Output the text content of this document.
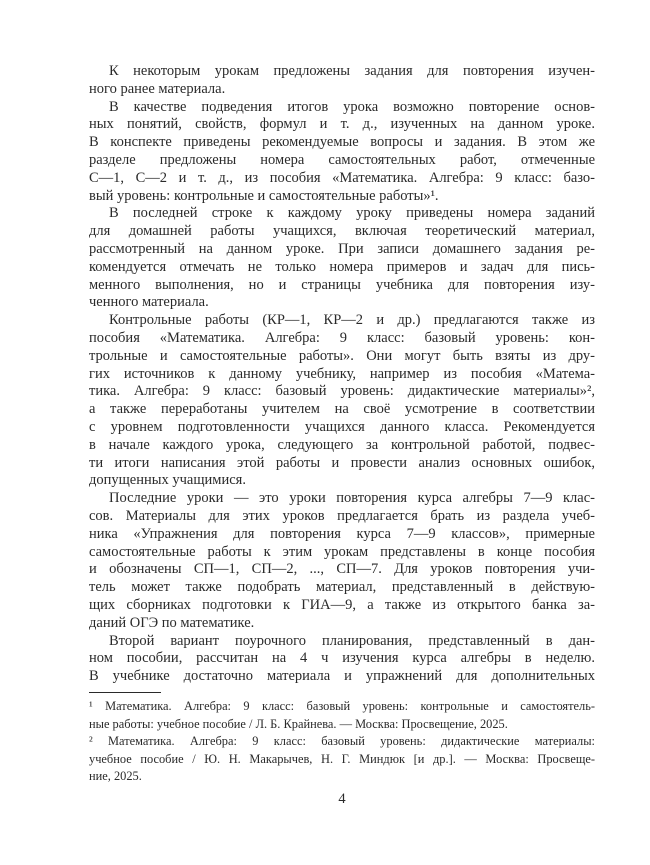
К некоторым урокам предложены задания для повторения изучен-
ного ранее материала.
В качестве подведения итогов урока возможно повторение основ-
ных понятий, свойств, формул и т. д., изученных на данном уроке.
В конспекте приведены рекомендуемые вопросы и задания. В этом же
разделе предложены номера самостоятельных работ, отмеченные
С—1, С—2 и т. д., из пособия «Математика. Алгебра: 9 класс: базо-
вый уровень: контрольные и самостоятельные работы»¹.
В последней строке к каждому уроку приведены номера заданий
для домашней работы учащихся, включая теоретический материал,
рассмотренный на данном уроке. При записи домашнего задания ре-
комендуется отмечать не только номера примеров и задач для пись-
менного выполнения, но и страницы учебника для повторения изу-
ченного материала.
Контрольные работы (КР—1, КР—2 и др.) предлагаются также из
пособия «Математика. Алгебра: 9 класс: базовый уровень: кон-
трольные и самостоятельные работы». Они могут быть взяты из дру-
гих источников к данному учебнику, например из пособия «Матема-
тика. Алгебра: 9 класс: базовый уровень: дидактические материалы»²,
а также переработаны учителем на своё усмотрение в соответствии
с уровнем подготовленности учащихся данного класса. Рекомендуется
в начале каждого урока, следующего за контрольной работой, подвес-
ти итоги написания этой работы и провести анализ основных ошибок,
допущенных учащимися.
Последние уроки — это уроки повторения курса алгебры 7—9 клас-
сов. Материалы для этих уроков предлагается брать из раздела учеб-
ника «Упражнения для повторения курса 7—9 классов», примерные
самостоятельные работы к этим урокам представлены в конце пособия
и обозначены СП—1, СП—2, ..., СП—7. Для уроков повторения учи-
тель может также подобрать материал, представленный в действую-
щих сборниках подготовки к ГИА—9, а также из открытого банка за-
даний ОГЭ по математике.
Второй вариант поурочного планирования, представленный в дан-
ном пособии, рассчитан на 4 ч изучения курса алгебры в неделю.
В учебнике достаточно материала и упражнений для дополнительных
¹ Математика. Алгебра: 9 класс: базовый уровень: контрольные и самостоятель-
ные работы: учебное пособие / Л. Б. Крайнева. — Москва: Просвещение, 2025.
² Математика. Алгебра: 9 класс: базовый уровень: дидактические материалы:
учебное пособие / Ю. Н. Макарычев, Н. Г. Миндюк [и др.]. — Москва: Просвеще-
ние, 2025.
4
